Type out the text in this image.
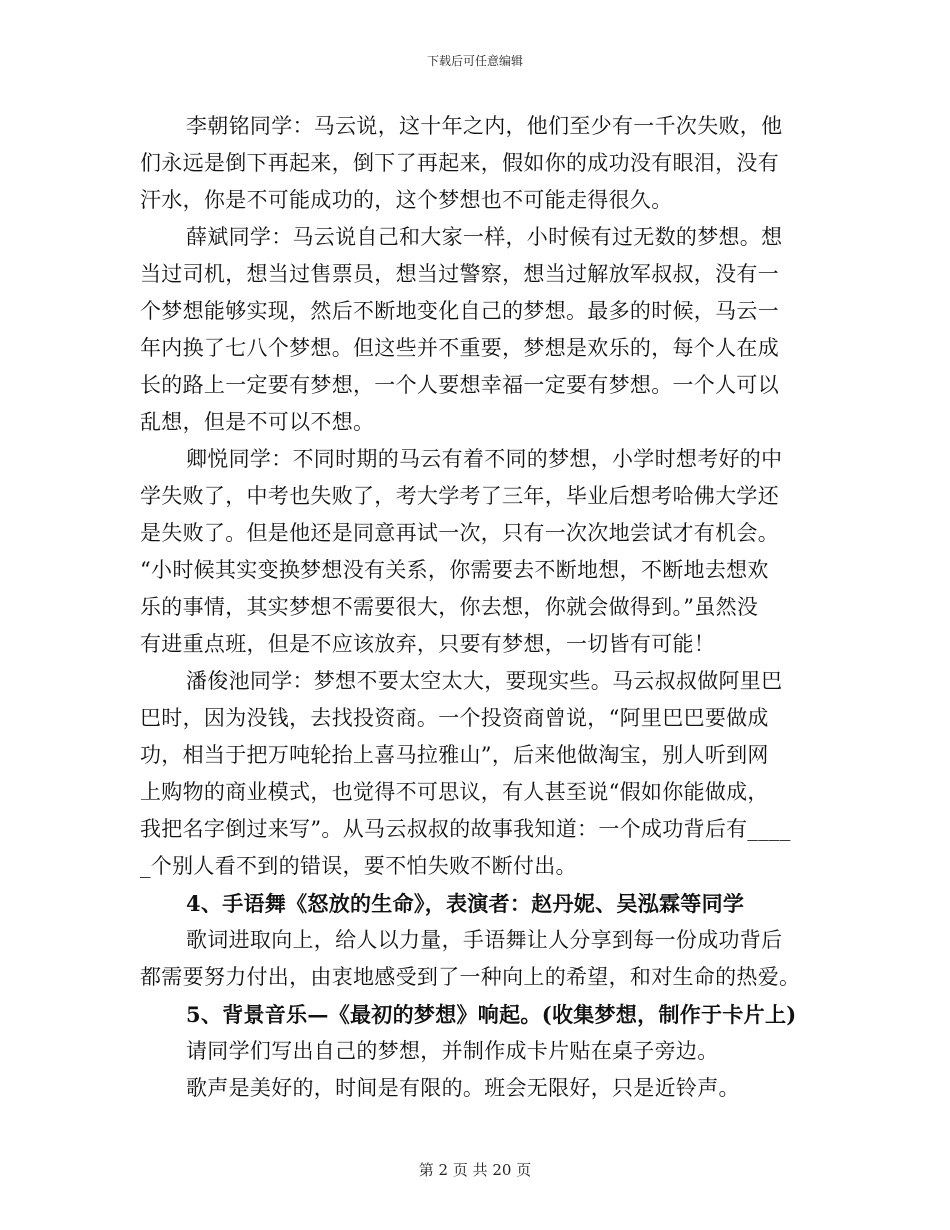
下载后可任意编辑
李朝铭同学：马云说，这十年之内，他们至少有一千次失败，他
们永远是倒下再起来，倒下了再起来，假如你的成功没有眼泪，没有
汗水，你是不可能成功的，这个梦想也不可能走得很久。
薛斌同学：马云说自己和大家一样，小时候有过无数的梦想。想
当过司机，想当过售票员，想当过警察，想当过解放军叔叔，没有一
个梦想能够实现，然后不断地变化自己的梦想。最多的时候，马云一
年内换了七八个梦想。但这些并不重要，梦想是欢乐的，每个人在成
长的路上一定要有梦想，一个人要想幸福一定要有梦想。一个人可以
乱想，但是不可以不想。
卿悦同学：不同时期的马云有着不同的梦想，小学时想考好的中
学失败了，中考也失败了，考大学考了三年，毕业后想考哈佛大学还
是失败了。但是他还是同意再试一次，只有一次次地尝试才有机会。
“小时候其实变换梦想没有关系，你需要去不断地想，不断地去想欢
乐的事情，其实梦想不需要很大，你去想，你就会做得到。”虽然没
有进重点班，但是不应该放弃，只要有梦想，一切皆有可能！
潘俊池同学：梦想不要太空太大，要现实些。马云叔叔做阿里巴
巴时，因为没钱，去找投资商。一个投资商曾说，“阿里巴巴要做成
功，相当于把万吨轮抬上喜马拉雅山”，后来他做淘宝，别人听到网
上购物的商业模式，也觉得不可思议，有人甚至说“假如你能做成，
我把名字倒过来写”。从马云叔叔的故事我知道：一个成功背后有____
_个别人看不到的错误，要不怕失败不断付出。
4、手语舞《怒放的生命》，表演者：赵丹妮、吴泓霖等同学
歌词进取向上，给人以力量，手语舞让人分享到每一份成功背后
都需要努力付出，由衷地感受到了一种向上的希望，和对生命的热爱。
5、背景音乐—《最初的梦想》响起。(收集梦想，制作于卡片上)
请同学们写出自己的梦想，并制作成卡片贴在桌子旁边。
歌声是美好的，时间是有限的。班会无限好，只是近铃声。
第 2 页 共 20 页
